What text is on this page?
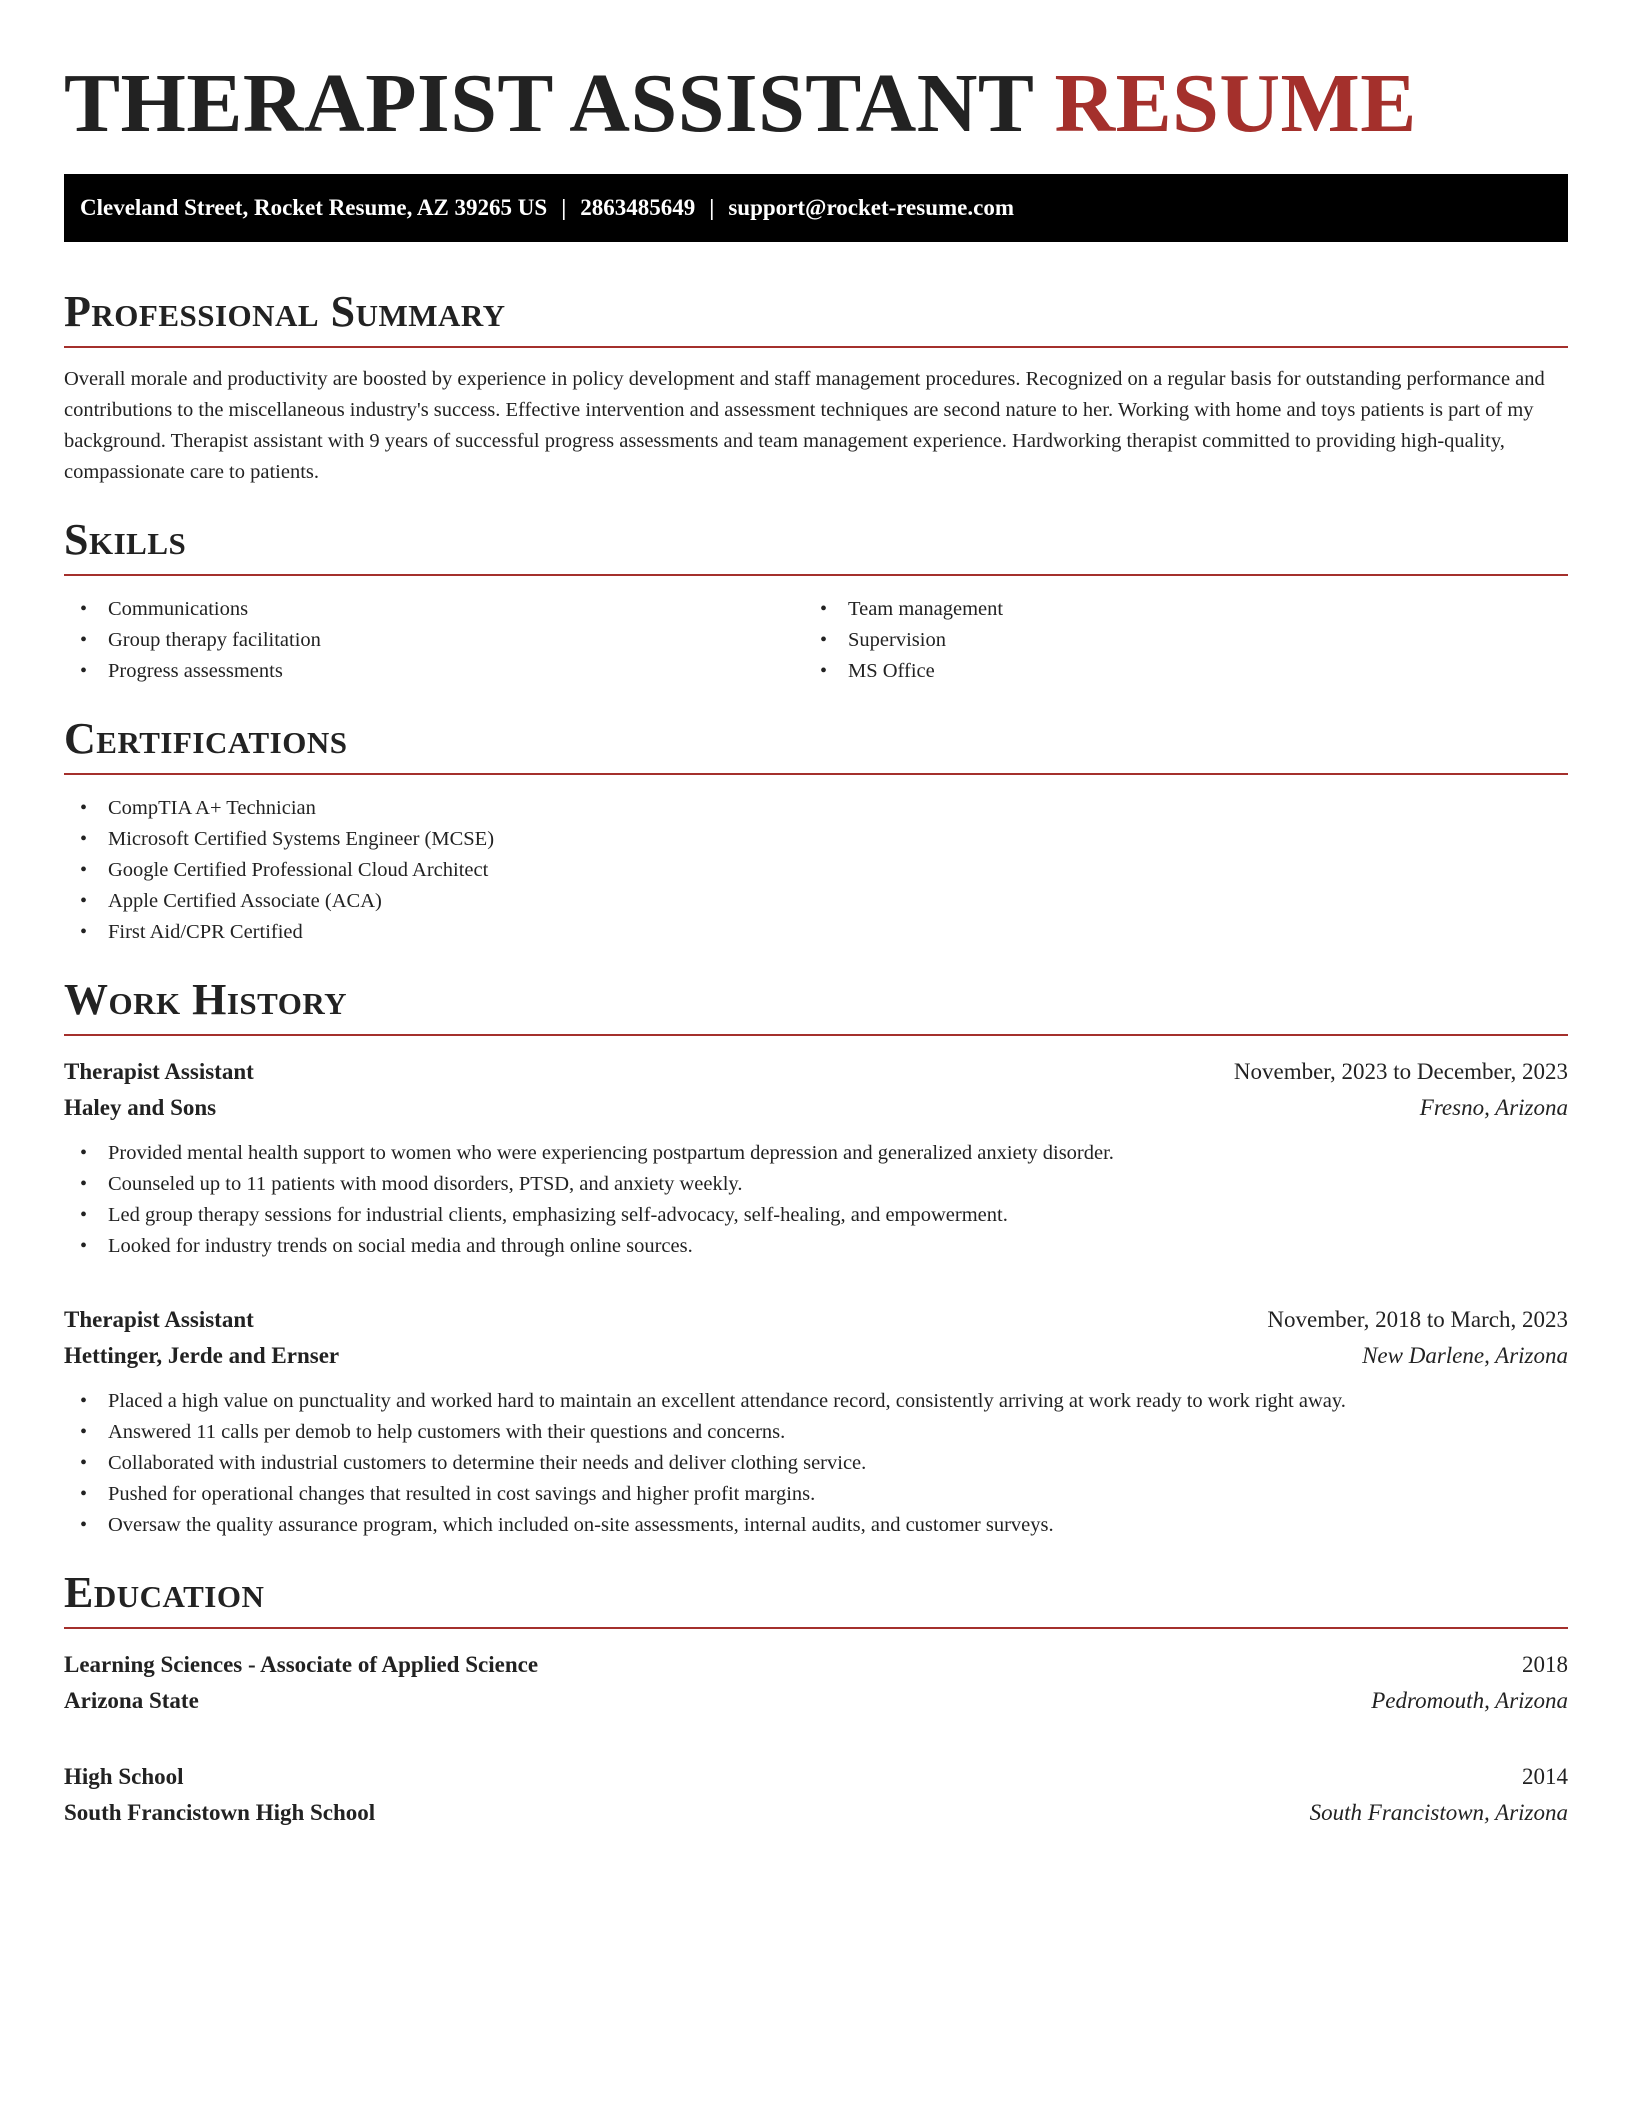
THERAPIST ASSISTANT RESUME
Cleveland Street, Rocket Resume, AZ 39265 US | 2863485649 | support@rocket-resume.com
Professional Summary

Overall morale and productivity are boosted by experience in policy development and staff management procedures. Recognized on a regular basis for outstanding performance and contributions to the miscellaneous industry's success. Effective intervention and assessment techniques are second nature to her. Working with home and toys patients is part of my background. Therapist assistant with 9 years of successful progress assessments and team management experience. Hardworking therapist committed to providing high-quality, compassionate care to patients.

Skills
• Communications
• Group therapy facilitation
• Progress assessments
• Team management
• Supervision
• MS Office
Certifications
• CompTIA A+ Technician
• Microsoft Certified Systems Engineer (MCSE)
• Google Certified Professional Cloud Architect
• Apple Certified Associate (ACA)
• First Aid/CPR Certified
Work History
Therapist Assistant	November, 2023 to December, 2023
Haley and Sons	Fresno, Arizona
• Provided mental health support to women who were experiencing postpartum depression and generalized anxiety disorder.
• Counseled up to 11 patients with mood disorders, PTSD, and anxiety weekly.
• Led group therapy sessions for industrial clients, emphasizing self-advocacy, self-healing, and empowerment.
• Looked for industry trends on social media and through online sources.
Therapist Assistant	November, 2018 to March, 2023
Hettinger, Jerde and Ernser	New Darlene, Arizona
• Placed a high value on punctuality and worked hard to maintain an excellent attendance record, consistently arriving at work ready to work right away.
• Answered 11 calls per demob to help customers with their questions and concerns.
• Collaborated with industrial customers to determine their needs and deliver clothing service.
• Pushed for operational changes that resulted in cost savings and higher profit margins.
• Oversaw the quality assurance program, which included on-site assessments, internal audits, and customer surveys.
Education
Learning Sciences - Associate of Applied Science	2018
Arizona State	Pedromouth, Arizona
High School	2014
South Francistown High School	South Francistown, Arizona
